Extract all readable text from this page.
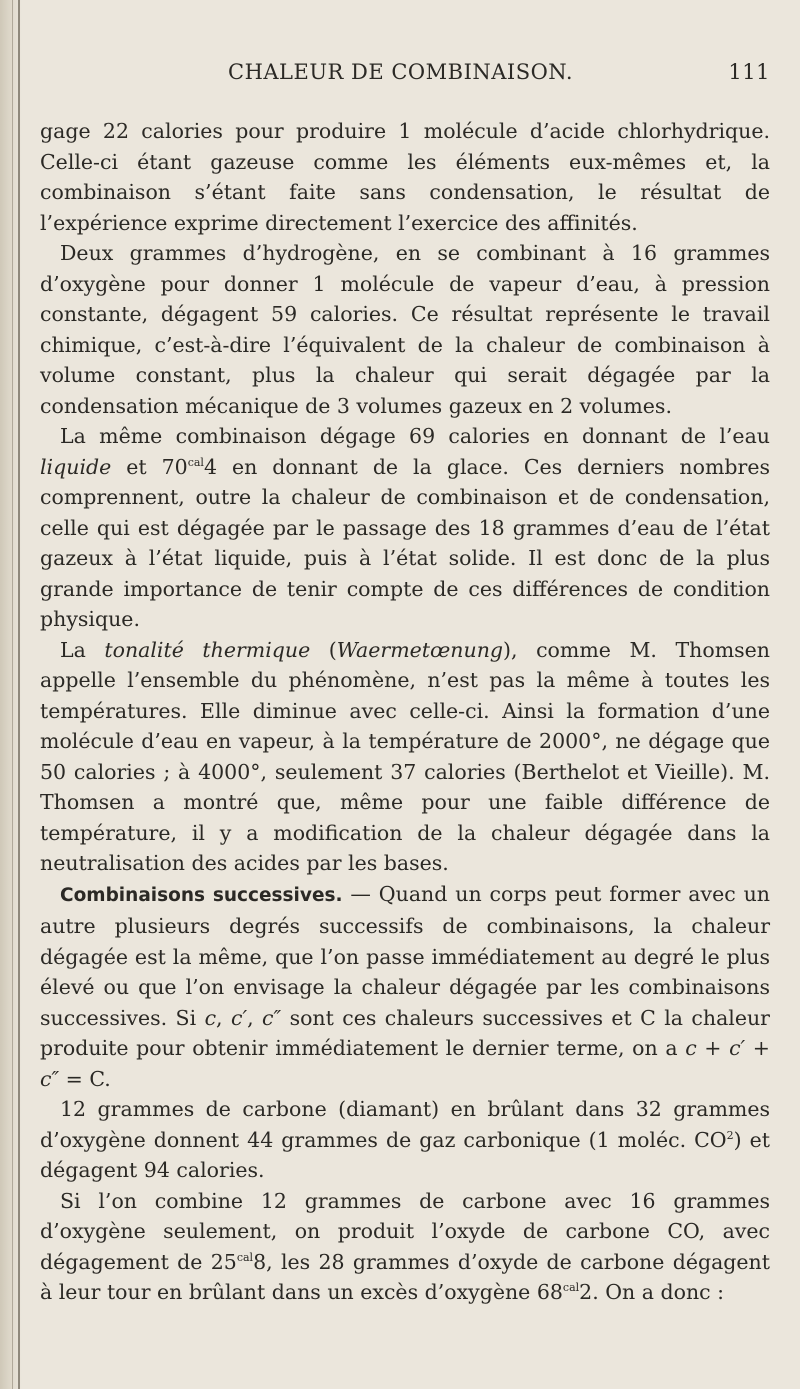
CHALEUR DE COMBINAISON.	111

gage 22 calories pour produire 1 molécule d’acide chlorhydrique. Celle-ci étant gazeuse comme les éléments eux-mêmes et, la combinaison s’étant faite sans condensation, le résultat de l’expérience exprime directement l’exercice des affinités.

Deux grammes d’hydrogène, en se combinant à 16 grammes d’oxygène pour donner 1 molécule de vapeur d’eau, à pression constante, dégagent 59 calories. Ce résultat représente le travail chimique, c’est-à-dire l’équivalent de la chaleur de combinaison à volume constant, plus la chaleur qui serait dégagée par la condensation mécanique de 3 volumes gazeux en 2 volumes.

La même combinaison dégage 69 calories en donnant de l’eau liquide et $70^{cal}4$ en donnant de la glace. Ces derniers nombres comprennent, outre la chaleur de combinaison et de condensation, celle qui est dégagée par le passage des 18 grammes d’eau de l’état gazeux à l’état liquide, puis à l’état solide. Il est donc de la plus grande importance de tenir compte de ces différences de condition physique.

La tonalité thermique (Waermetœnung), comme M. Thomsen appelle l’ensemble du phénomène, n’est pas la même à toutes les températures. Elle diminue avec celle-ci. Ainsi la formation d’une molécule d’eau en vapeur, à la température de 2000°, ne dégage que 50 calories ; à 4000°, seulement 37 calories (Berthelot et Vieille). M. Thomsen a montré que, même pour une faible différence de température, il y a modification de la chaleur dégagée dans la neutralisation des acides par les bases.

Combinaisons successives. — Quand un corps peut former avec un autre plusieurs degrés successifs de combinaisons, la chaleur dégagée est la même, que l’on passe immédiatement au degré le plus élevé ou que l’on envisage la chaleur dégagée par les combinaisons successives. Si c, c′, c″ sont ces chaleurs successives et C la chaleur produite pour obtenir immédiatement le dernier terme, on a c + c′ + c″ = C.

12 grammes de carbone (diamant) en brûlant dans 32 grammes d’oxygène donnent 44 grammes de gaz carbonique (1 moléc. $CO^2$) et dégagent 94 calories.

Si l’on combine 12 grammes de carbone avec 16 grammes d’oxygène seulement, on produit l’oxyde de carbone CO, avec dégagement de $25^{cal}8$, les 28 grammes d’oxyde de carbone dégagent à leur tour en brûlant dans un excès d’oxygène $68^{cal}2$. On a donc :
